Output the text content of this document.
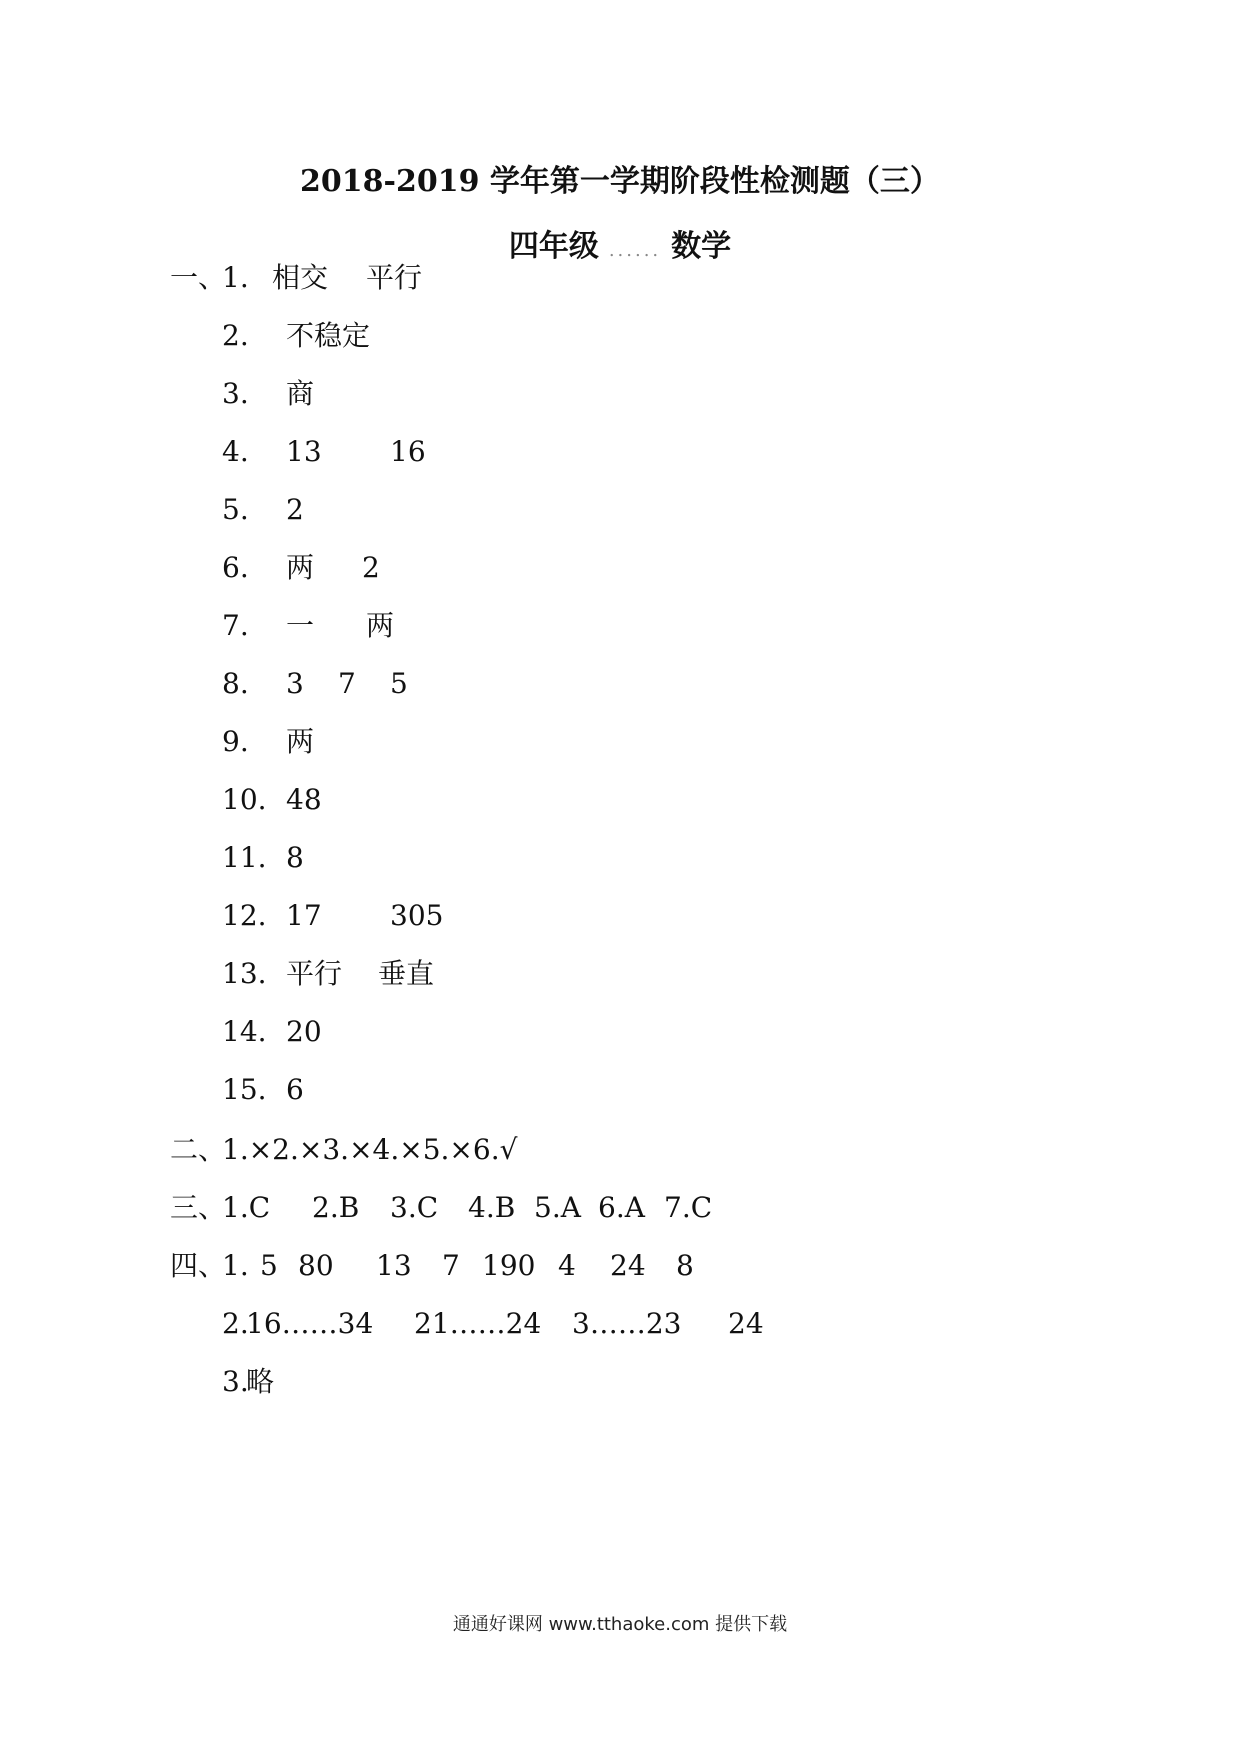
2018-2019 学年第一学期阶段性检测题（三）
四年级 ...... 数学
一、
1. 相交 平行
2. 不稳定
3. 商
4. 13 16
5. 2
6. 两 2
7. 一 两
8. 3 7 5
9. 两
10. 48
11. 8
12. 17 305
13. 平行 垂直
14. 20
15. 6
二、
1.×2.×3.×4.×5.×6.√
三、
1.C 2.B 3.C 4.B 5.A 6.A 7.C
四、
1. 5 80 13 7 190 4 24 8
2.
16……34 21……24 3……23 24
3.
略
通通好课网 www.tthaoke.com 提供下载
